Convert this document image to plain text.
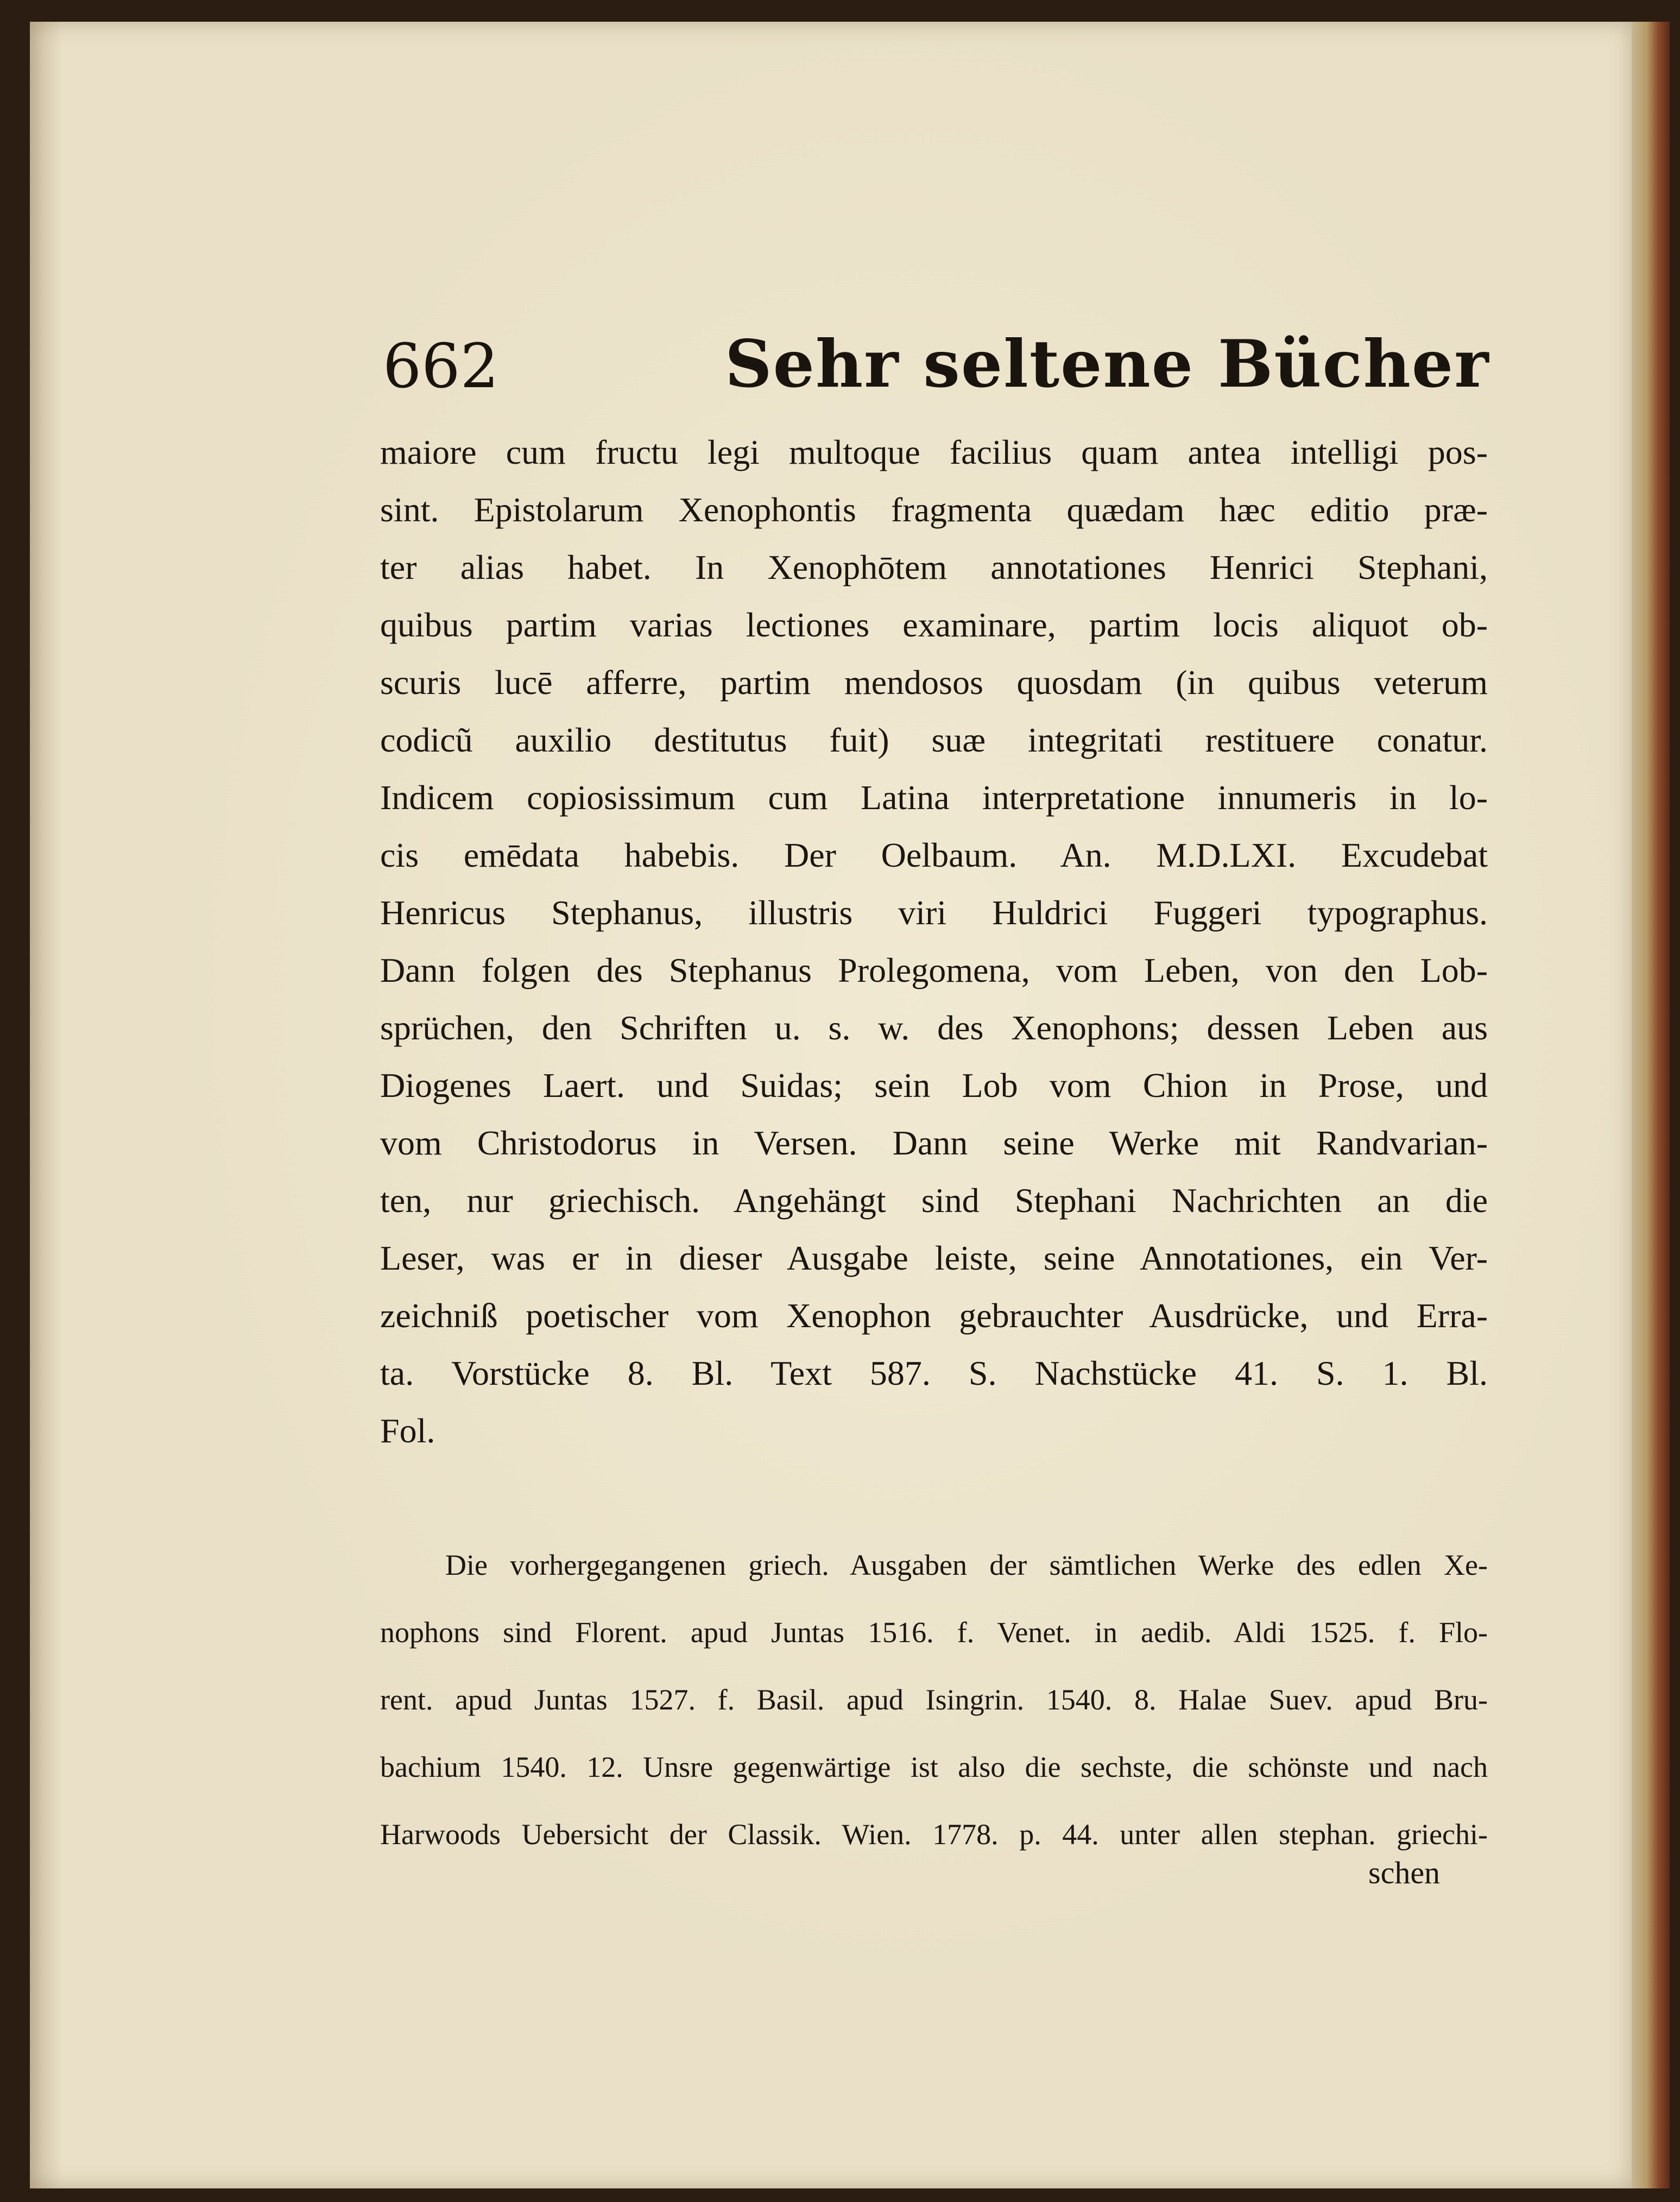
662	Sehr seltene Bücher
maiore cum fructu legi multoque facilius quam antea intelligi pos-
sint. Epistolarum Xenophontis fragmenta quædam hæc editio præ-
ter alias habet. In Xenophōtem annotationes Henrici Stephani,
quibus partim varias lectiones examinare, partim locis aliquot ob-
scuris lucē afferre, partim mendosos quosdam (in quibus veterum
codicũ auxilio destitutus fuit) suæ integritati restituere conatur.
Indicem copiosissimum cum Latina interpretatione innumeris in lo-
cis emēdata habebis. Der Oelbaum. An. M.D.LXI. Excudebat
Henricus Stephanus, illustris viri Huldrici Fuggeri typographus.
Dann folgen des Stephanus Prolegomena, vom Leben, von den Lob-
sprüchen, den Schriften u. s. w. des Xenophons; dessen Leben aus
Diogenes Laert. und Suidas; sein Lob vom Chion in Prose, und
vom Christodorus in Versen. Dann seine Werke mit Randvarian-
ten, nur griechisch. Angehängt sind Stephani Nachrichten an die
Leser, was er in dieser Ausgabe leiste, seine Annotationes, ein Ver-
zeichniß poetischer vom Xenophon gebrauchter Ausdrücke, und Erra-
ta. Vorstücke 8. Bl. Text 587. S. Nachstücke 41. S. 1. Bl.
Fol.
Die vorhergegangenen griech. Ausgaben der sämtlichen Werke des edlen Xe-
nophons sind Florent. apud Juntas 1516. f. Venet. in aedib. Aldi 1525. f. Flo-
rent. apud Juntas 1527. f. Basil. apud Isingrin. 1540. 8. Halae Suev. apud Bru-
bachium 1540. 12. Unsre gegenwärtige ist also die sechste, die schönste und nach
Harwoods Uebersicht der Classik. Wien. 1778. p. 44. unter allen stephan. griechi-
schen
